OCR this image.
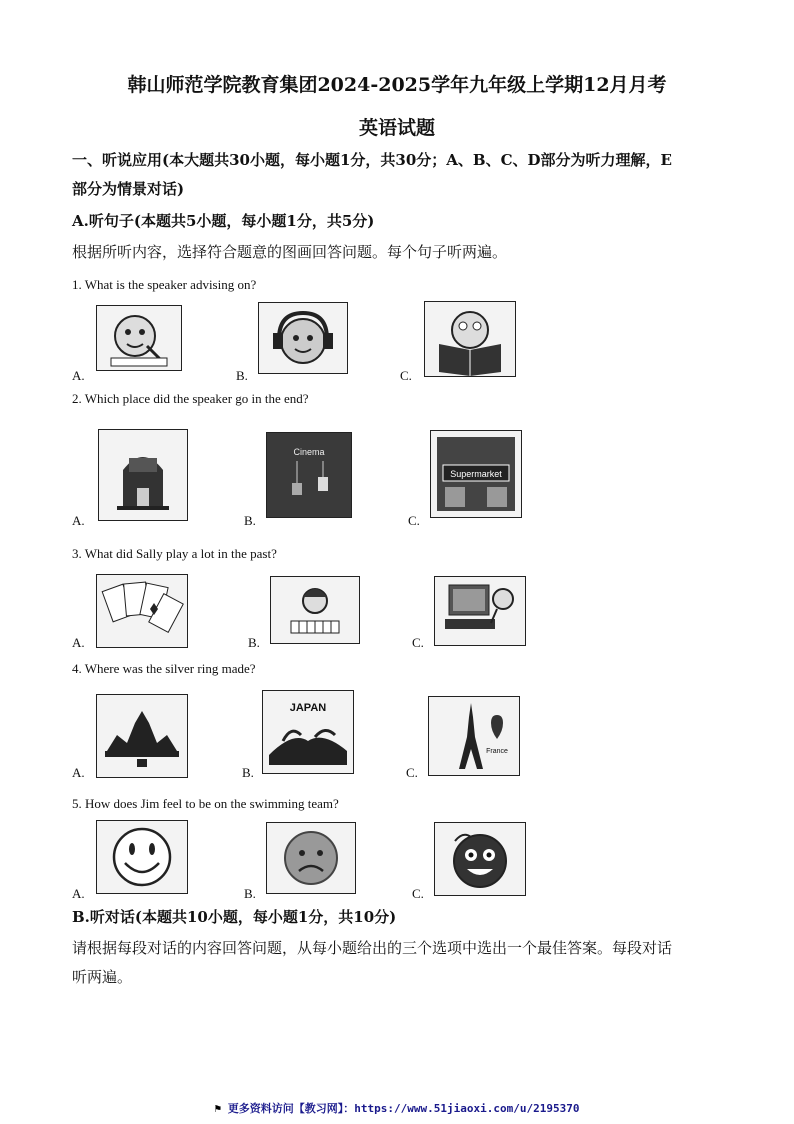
韩山师范学院教育集团2024-2025学年九年级上学期12月月考
英语试题
一、听说应用(本大题共30小题，每小题1分，共30分；A、B、C、D部分为听力理解，E
部分为情景对话)
A.听句子(本题共5小题，每小题1分，共5分)
根据所听内容，选择符合题意的图画回答问题。每个句子听两遍。
1. What is the speaker advising on?
A.	B.	C.
2. Which place did the speaker go in the end?
A.	B.
Cinema
C.
Supermarket
3. What did Sally play a lot in the past?
A.	B.	C.
4. Where was the silver ring made?
A.	B.
JAPAN
C.
France
5. How does Jim feel to be on the swimming team?
A.	B.	C.
B.听对话(本题共10小题，每小题1分，共10分)
请根据每段对话的内容回答问题，从每小题给出的三个选项中选出一个最佳答案。每段对话
听两遍。
⚑ 更多资料访问【教习网】：https://www.51jiaoxi.com/u/2195370
